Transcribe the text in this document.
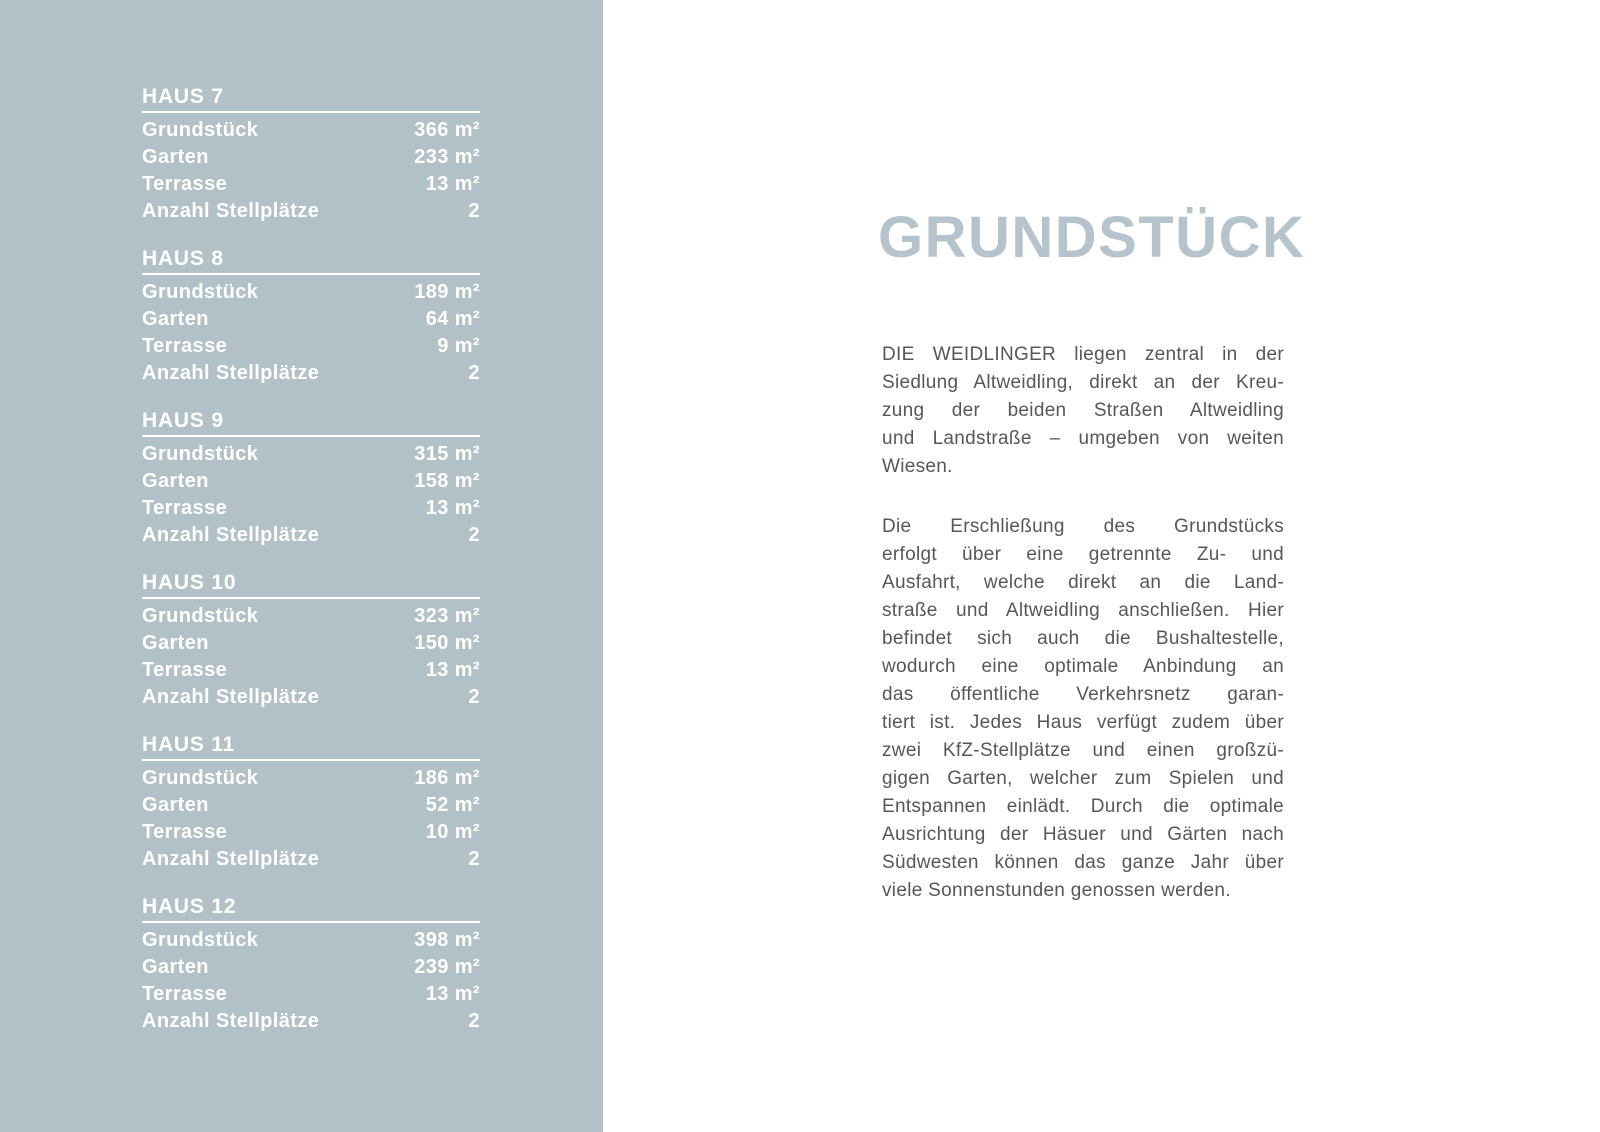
HAUS 7
Grundstück	366 m²
Garten	233 m²
Terrasse	13 m²
Anzahl Stellplätze	2
HAUS 8
Grundstück	189 m²
Garten	64 m²
Terrasse	9 m²
Anzahl Stellplätze	2
HAUS 9
Grundstück	315 m²
Garten	158 m²
Terrasse	13 m²
Anzahl Stellplätze	2
HAUS 10
Grundstück	323 m²
Garten	150 m²
Terrasse	13 m²
Anzahl Stellplätze	2
HAUS 11
Grundstück	186 m²
Garten	52 m²
Terrasse	10 m²
Anzahl Stellplätze	2
HAUS 12
Grundstück	398 m²
Garten	239 m²
Terrasse	13 m²
Anzahl Stellplätze	2
GRUNDSTÜCK
DIE WEIDLINGER liegen zentral in der
Siedlung Altweidling, direkt an der Kreu-
zung der beiden Straßen Altweidling
und Landstraße – umgeben von weiten
Wiesen.
Die Erschließung des Grundstücks
erfolgt über eine getrennte Zu- und
Ausfahrt, welche direkt an die Land-
straße und Altweidling anschließen. Hier
befindet sich auch die Bushaltestelle,
wodurch eine optimale Anbindung an
das öffentliche Verkehrsnetz garan-
tiert ist. Jedes Haus verfügt zudem über
zwei KfZ-Stellplätze und einen großzü-
gigen Garten, welcher zum Spielen und
Entspannen einlädt. Durch die optimale
Ausrichtung der Häsuer und Gärten nach
Südwesten können das ganze Jahr über
viele Sonnenstunden genossen werden.
